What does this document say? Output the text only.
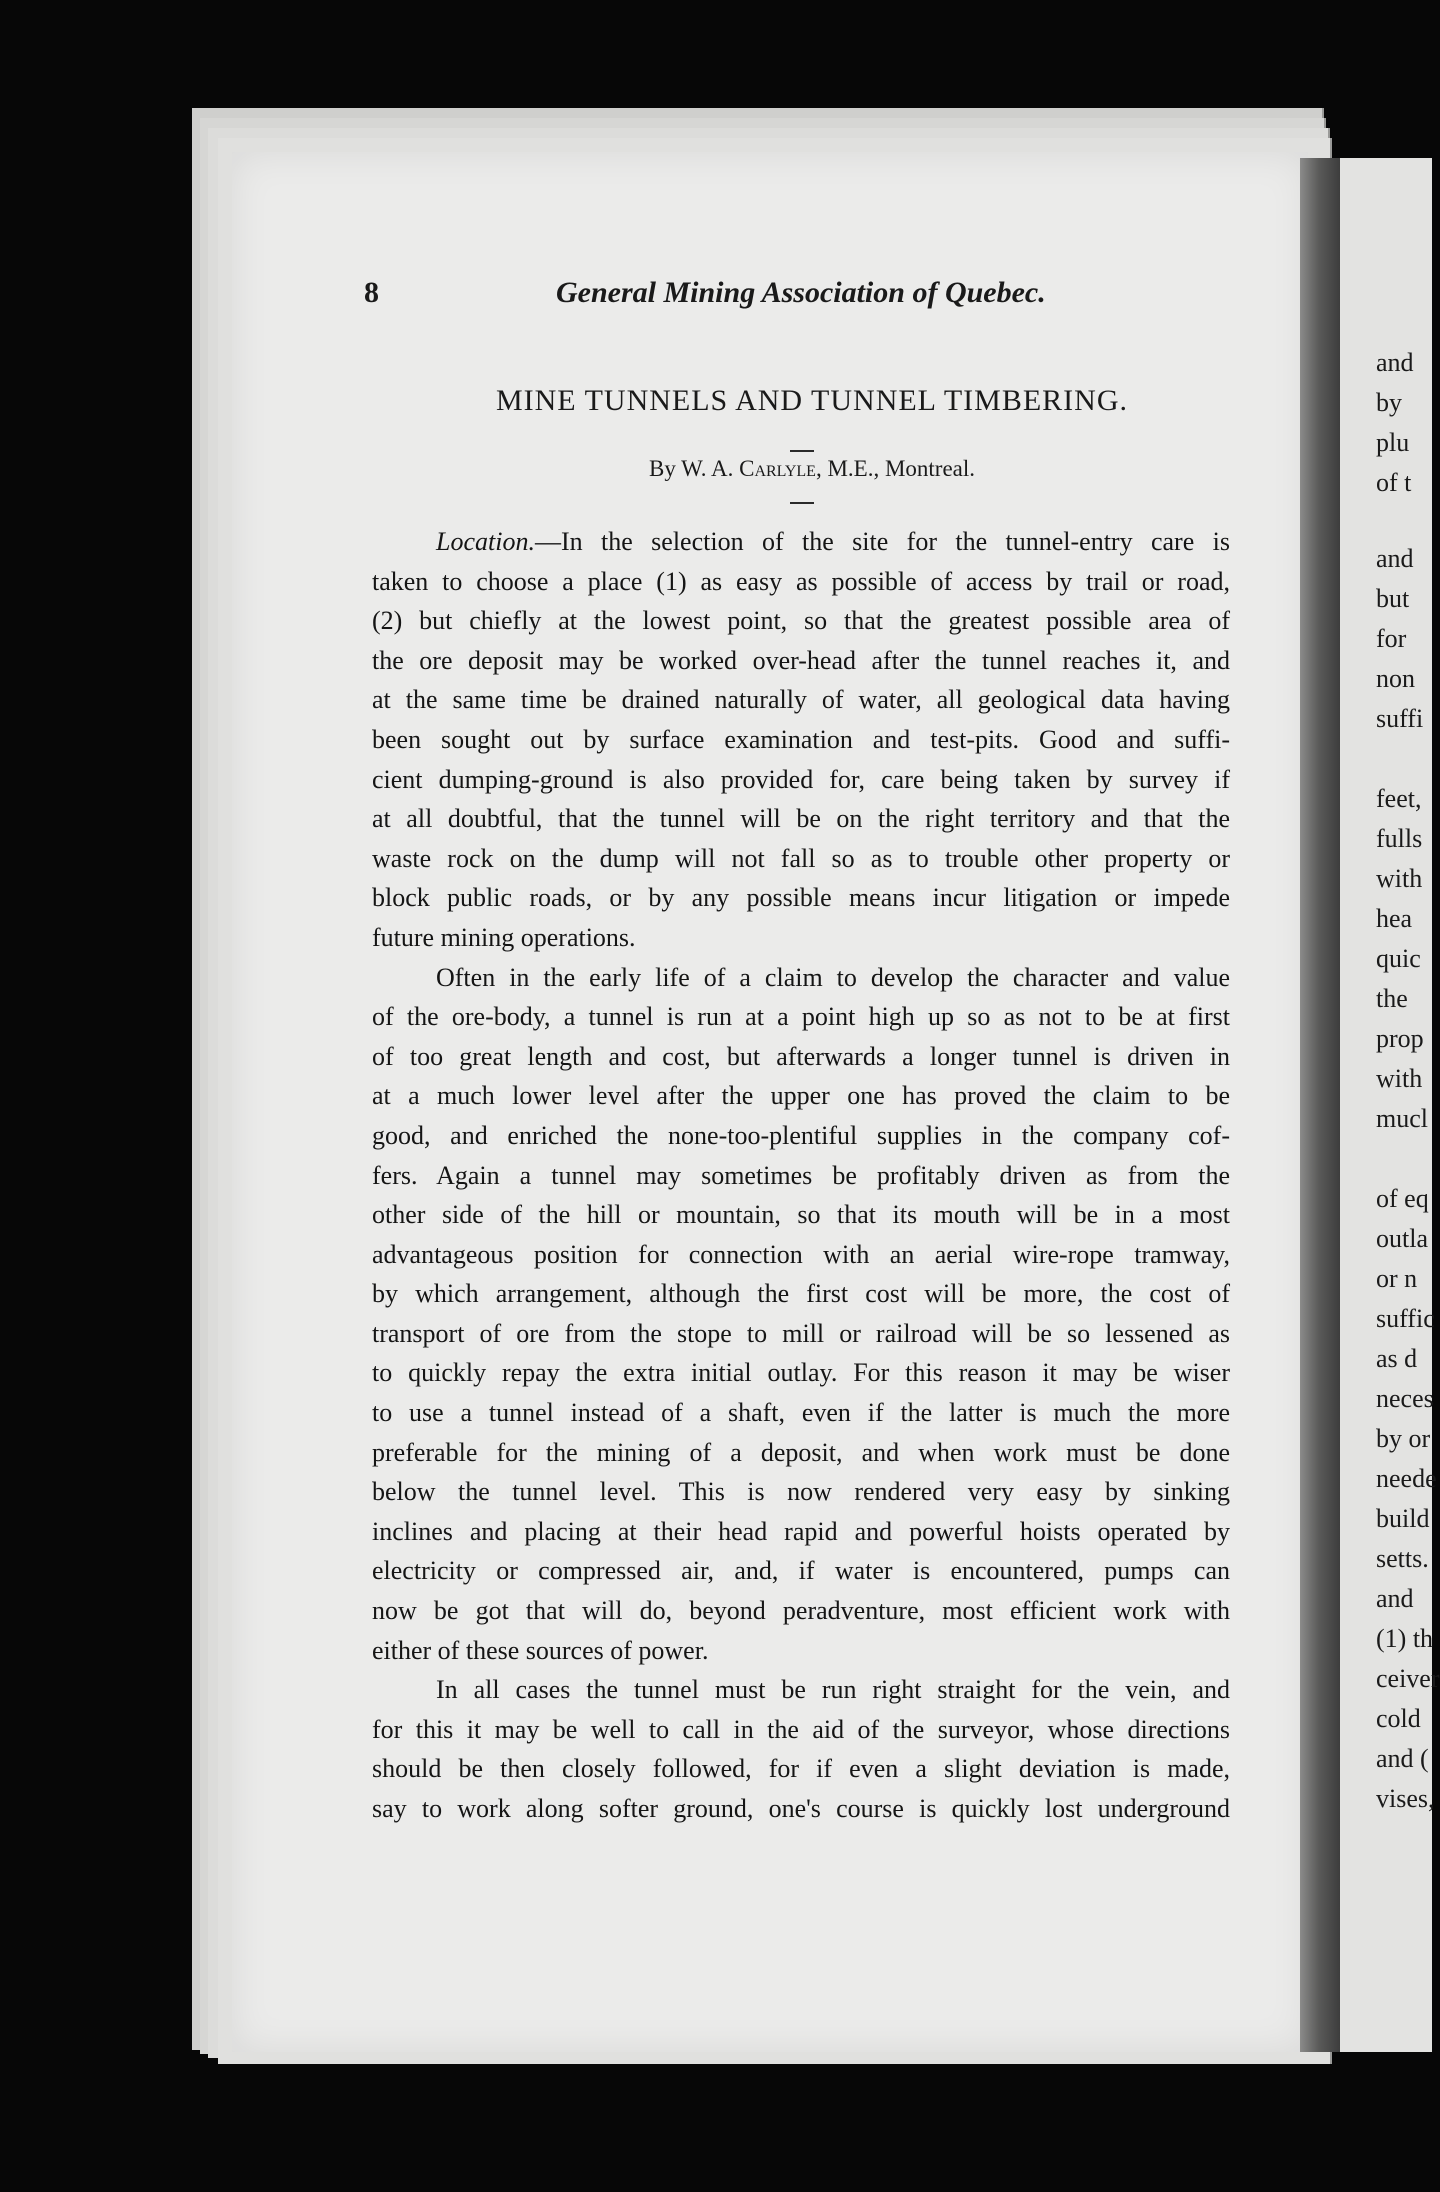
8	General Mining Association of Quebec.
MINE TUNNELS AND TUNNEL TIMBERING.
By W. A. Carlyle, M.E., Montreal.
Location.—In the selection of the site for the tunnel-entry care is
taken to choose a place (1) as easy as possible of access by trail or road,
(2) but chiefly at the lowest point, so that the greatest possible area of
the ore deposit may be worked over-head after the tunnel reaches it, and
at the same time be drained naturally of water, all geological data having
been sought out by surface examination and test-pits. Good and suffi-
cient dumping-ground is also provided for, care being taken by survey if
at all doubtful, that the tunnel will be on the right territory and that the
waste rock on the dump will not fall so as to trouble other property or
block public roads, or by any possible means incur litigation or impede
future mining operations.
Often in the early life of a claim to develop the character and value
of the ore-body, a tunnel is run at a point high up so as not to be at first
of too great length and cost, but afterwards a longer tunnel is driven in
at a much lower level after the upper one has proved the claim to be
good, and enriched the none-too-plentiful supplies in the company cof-
fers. Again a tunnel may sometimes be profitably driven as from the
other side of the hill or mountain, so that its mouth will be in a most
advantageous position for connection with an aerial wire-rope tramway,
by which arrangement, although the first cost will be more, the cost of
transport of ore from the stope to mill or railroad will be so lessened as
to quickly repay the extra initial outlay. For this reason it may be wiser
to use a tunnel instead of a shaft, even if the latter is much the more
preferable for the mining of a deposit, and when work must be done
below the tunnel level. This is now rendered very easy by sinking
inclines and placing at their head rapid and powerful hoists operated by
electricity or compressed air, and, if water is encountered, pumps can
now be got that will do, beyond peradventure, most efficient work with
either of these sources of power.
In all cases the tunnel must be run right straight for the vein, and
for this it may be well to call in the aid of the surveyor, whose directions
should be then closely followed, for if even a slight deviation is made,
say to work along softer ground, one's course is quickly lost underground
and
by
plu
of t
and
but
for
non
suffi
feet,
fulls
with
hea
quic
the
prop
with
mucl
of eq
outla
or n
suffic
as d
neces
by or
neede
build
setts.
and
(1) th
ceiver
cold
and (
vises,
